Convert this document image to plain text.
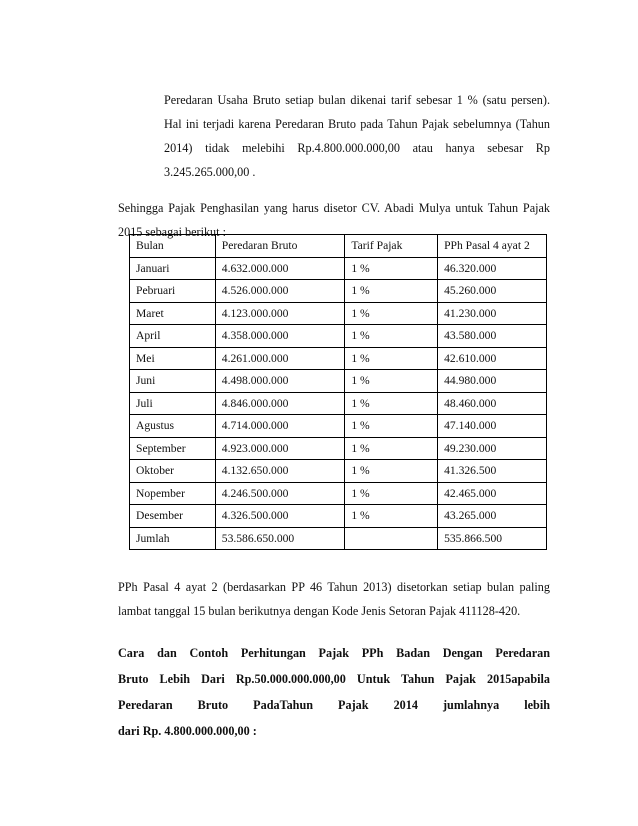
Peredaran Usaha Bruto setiap bulan dikenai tarif sebesar 1 % (satu persen).
Hal ini terjadi karena Peredaran Bruto pada Tahun Pajak sebelumnya (Tahun
2014) tidak melebihi Rp.4.800.000.000,00 atau hanya sebesar Rp
3.245.265.000,00 .

Sehingga Pajak Penghasilan yang harus disetor CV. Abadi Mulya untuk Tahun Pajak
2015 sebagai berikut :

Bulan	Peredaran Bruto	Tarif Pajak	PPh Pasal 4 ayat 2
Januari	4.632.000.000	1 %	46.320.000
Pebruari	4.526.000.000	1 %	45.260.000
Maret	4.123.000.000	1 %	41.230.000
April	4.358.000.000	1 %	43.580.000
Mei	4.261.000.000	1 %	42.610.000
Juni	4.498.000.000	1 %	44.980.000
Juli	4.846.000.000	1 %	48.460.000
Agustus	4.714.000.000	1 %	47.140.000
September	4.923.000.000	1 %	49.230.000
Oktober	4.132.650.000	1 %	41.326.500
Nopember	4.246.500.000	1 %	42.465.000
Desember	4.326.500.000	1 %	43.265.000
Jumlah	53.586.650.000		535.866.500

PPh Pasal 4 ayat 2 (berdasarkan PP 46 Tahun 2013) disetorkan setiap bulan paling
lambat tanggal 15 bulan berikutnya dengan Kode Jenis Setoran Pajak 411128-420.

Cara dan Contoh Perhitungan Pajak PPh Badan Dengan Peredaran
Bruto Lebih Dari Rp.50.000.000.000,00 Untuk Tahun Pajak 2015apabila
Peredaran Bruto PadaTahun Pajak 2014 jumlahnya lebih
dari Rp. 4.800.000.000,00 :
